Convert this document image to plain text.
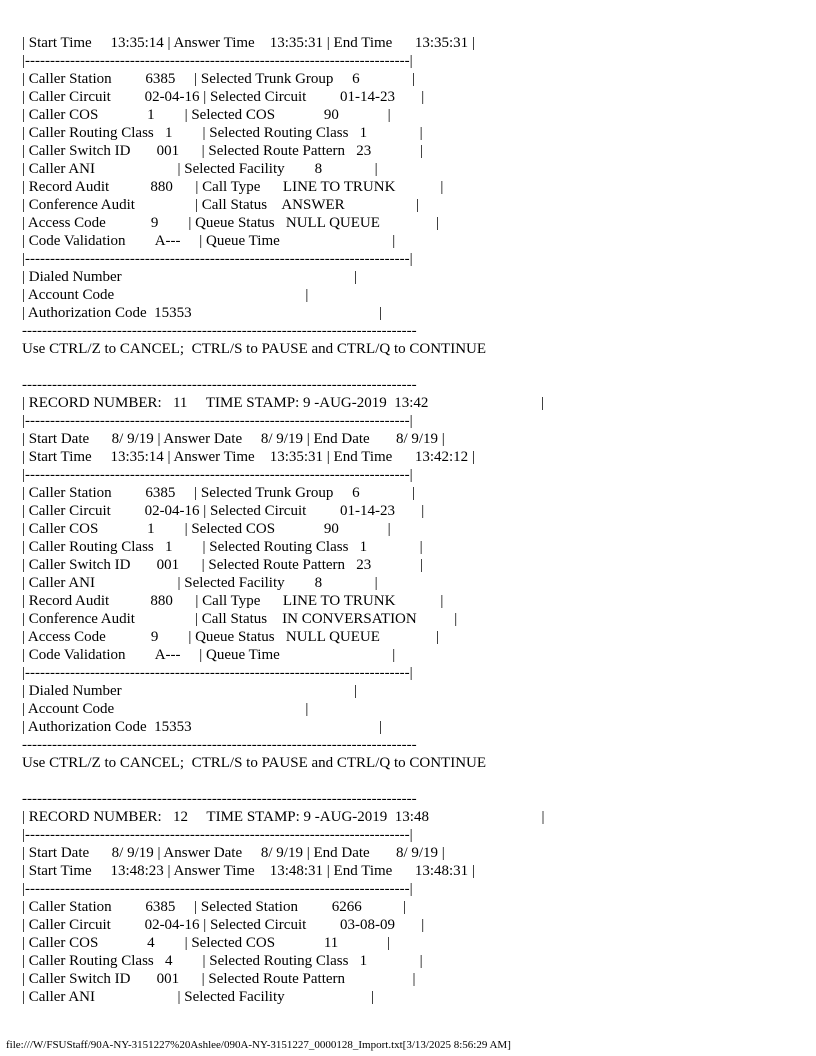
| Start Time     13:35:14 | Answer Time    13:35:31 | End Time      13:35:31 |
|-----------------------------------------------------------------------------|
| Caller Station         6385     | Selected Trunk Group     6              |
| Caller Circuit         02-04-16 | Selected Circuit         01-14-23       |
| Caller COS             1        | Selected COS             90             |
| Caller Routing Class   1        | Selected Routing Class   1              |
| Caller Switch ID       001      | Selected Route Pattern   23             |
| Caller ANI                      | Selected Facility        8              |
| Record Audit           880      | Call Type      LINE TO TRUNK            |
| Conference Audit                | Call Status    ANSWER                   |
| Access Code            9        | Queue Status   NULL QUEUE               |
| Code Validation        A---     | Queue Time                              |
|-----------------------------------------------------------------------------|
| Dialed Number                                                              |
| Account Code                                                   |
| Authorization Code  15353                                                  |
-------------------------------------------------------------------------------
Use CTRL/Z to CANCEL;  CTRL/S to PAUSE and CTRL/Q to CONTINUE
-------------------------------------------------------------------------------
| RECORD NUMBER:   11     TIME STAMP: 9 -AUG-2019  13:42                              |
|-----------------------------------------------------------------------------|
| Start Date      8/ 9/19 | Answer Date     8/ 9/19 | End Date       8/ 9/19 |
| Start Time     13:35:14 | Answer Time    13:35:31 | End Time      13:42:12 |
|-----------------------------------------------------------------------------|
| Caller Station         6385     | Selected Trunk Group     6              |
| Caller Circuit         02-04-16 | Selected Circuit         01-14-23       |
| Caller COS             1        | Selected COS             90             |
| Caller Routing Class   1        | Selected Routing Class   1              |
| Caller Switch ID       001      | Selected Route Pattern   23             |
| Caller ANI                      | Selected Facility        8              |
| Record Audit           880      | Call Type      LINE TO TRUNK            |
| Conference Audit                | Call Status    IN CONVERSATION          |
| Access Code            9        | Queue Status   NULL QUEUE               |
| Code Validation        A---     | Queue Time                              |
|-----------------------------------------------------------------------------|
| Dialed Number                                                              |
| Account Code                                                   |
| Authorization Code  15353                                                  |
-------------------------------------------------------------------------------
Use CTRL/Z to CANCEL;  CTRL/S to PAUSE and CTRL/Q to CONTINUE
-------------------------------------------------------------------------------
| RECORD NUMBER:   12     TIME STAMP: 9 -AUG-2019  13:48                              |
|-----------------------------------------------------------------------------|
| Start Date      8/ 9/19 | Answer Date     8/ 9/19 | End Date       8/ 9/19 |
| Start Time     13:48:23 | Answer Time    13:48:31 | End Time      13:48:31 |
|-----------------------------------------------------------------------------|
| Caller Station         6385     | Selected Station         6266           |
| Caller Circuit         02-04-16 | Selected Circuit         03-08-09       |
| Caller COS             4        | Selected COS             11             |
| Caller Routing Class   4        | Selected Routing Class   1              |
| Caller Switch ID       001      | Selected Route Pattern                  |
| Caller ANI                      | Selected Facility                       |
file:///W/FSUStaff/90A-NY-3151227%20Ashlee/090A-NY-3151227_0000128_Import.txt[3/13/2025 8:56:29 AM]
